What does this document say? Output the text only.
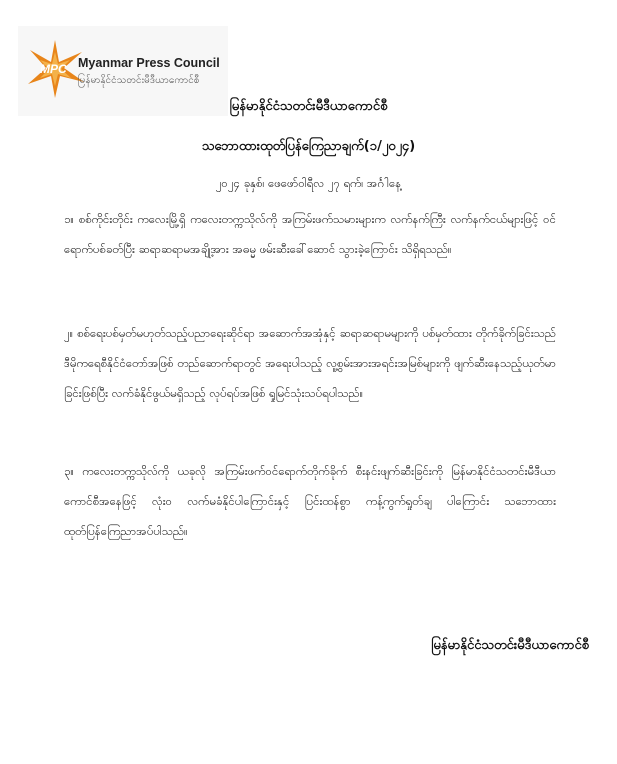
MPC Myanmar Press Council
မြန်မာနိုင်ငံသတင်းမီဒီယာကောင်စီ
မြန်မာနိုင်ငံသတင်းမီဒီယာကောင်စီ
သဘောထားထုတ်ပြန်ကြေညာချက်(၁/၂၀၂၄)
၂၀၂၄ ခုနှစ်၊ ဖေဖော်ဝါရီလ ၂၇ ရက်၊ အင်္ဂါနေ့
၁။ စစ်ကိုင်းတိုင်း ကလေးမြို့ရှိ ကလေးတက္ကသိုလ်ကို အကြမ်းဖက်သမားများက လက်နက်ကြီး လက်နက်ငယ်များဖြင့် ဝင်ရောက်ပစ်ခတ်ပြီး ဆရာဆရာမအချို့အား အဓမ္မ ဖမ်းဆီးခေါ်ဆောင် သွားခဲ့ကြောင်း သိရှိရသည်။
၂။ စစ်ရေးပစ်မှတ်မဟုတ်သည့်ပညာရေးဆိုင်ရာ အဆောက်အအုံနှင့် ဆရာဆရာမများကို ပစ်မှတ်ထား တိုက်ခိုက်ခြင်းသည် ဒီမိုကရေစီနိုင်ငံတော်အဖြစ် တည်ဆောက်ရာတွင် အရေးပါသည့် လူ့စွမ်းအားအရင်းအမြစ်များကို ဖျက်ဆီးနေသည့်ယုတ်မာခြင်းဖြစ်ပြီး လက်ခံနိုင်ဖွယ်မရှိသည့် လုပ်ရပ်အဖြစ် ရှုမြင်သုံးသပ်ရပါသည်။
၃။ ကလေးတက္ကသိုလ်ကို ယခုလို အကြမ်းဖက်ဝင်ရောက်တိုက်ခိုက် စီးနင်းဖျက်ဆီးခြင်းကို မြန်မာနိုင်ငံသတင်းမီဒီယာကောင်စီအနေဖြင့် လုံးဝ လက်မခံနိုင်ပါကြောင်းနှင့် ပြင်းထန်စွာ ကန့်ကွက်ရှုတ်ချ ပါကြောင်း သဘောထား ထုတ်ပြန်ကြေညာအပ်ပါသည်။
မြန်မာနိုင်ငံသတင်းမီဒီယာကောင်စီ
